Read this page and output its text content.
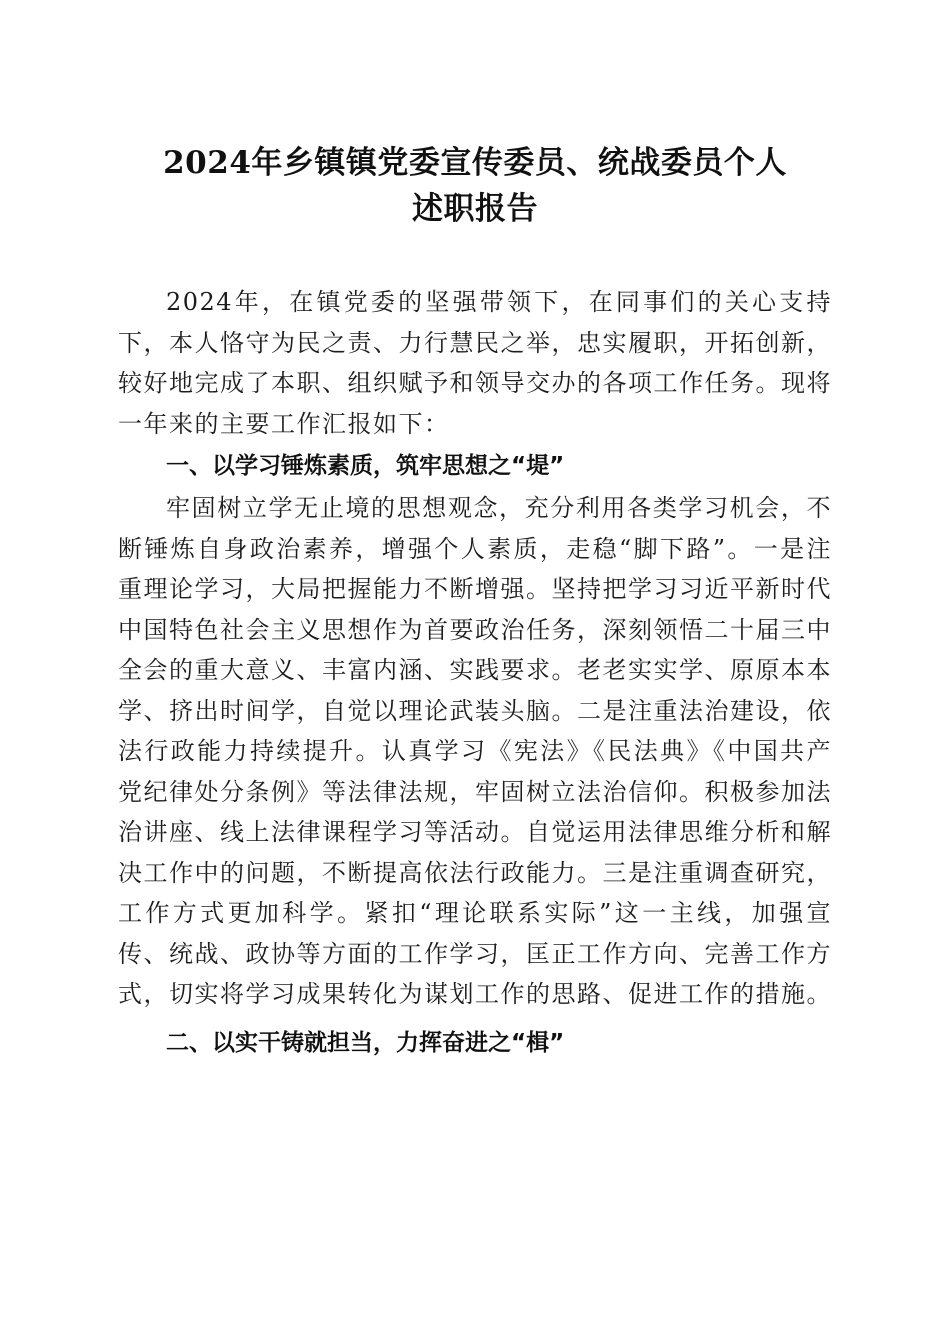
2024年乡镇镇党委宣传委员、统战委员个人
述职报告

2024年，在镇党委的坚强带领下，在同事们的关心支持下，本人恪守为民之责、力行慧民之举，忠实履职，开拓创新，较好地完成了本职、组织赋予和领导交办的各项工作任务。现将一年来的主要工作汇报如下：

一、以学习锤炼素质，筑牢思想之“堤”

牢固树立学无止境的思想观念，充分利用各类学习机会，不断锤炼自身政治素养，增强个人素质，走稳“脚下路”。一是注重理论学习，大局把握能力不断增强。坚持把学习习近平新时代中国特色社会主义思想作为首要政治任务，深刻领悟二十届三中全会的重大意义、丰富内涵、实践要求。老老实实学、原原本本学、挤出时间学，自觉以理论武装头脑。二是注重法治建设，依法行政能力持续提升。认真学习《宪法》《民法典》《中国共产党纪律处分条例》等法律法规，牢固树立法治信仰。积极参加法治讲座、线上法律课程学习等活动。自觉运用法律思维分析和解决工作中的问题，不断提高依法行政能力。三是注重调查研究，工作方式更加科学。紧扣“理论联系实际”这一主线，加强宣传、统战、政协等方面的工作学习，匡正工作方向、完善工作方式，切实将学习成果转化为谋划工作的思路、促进工作的措施。

二、以实干铸就担当，力挥奋进之“楫”
